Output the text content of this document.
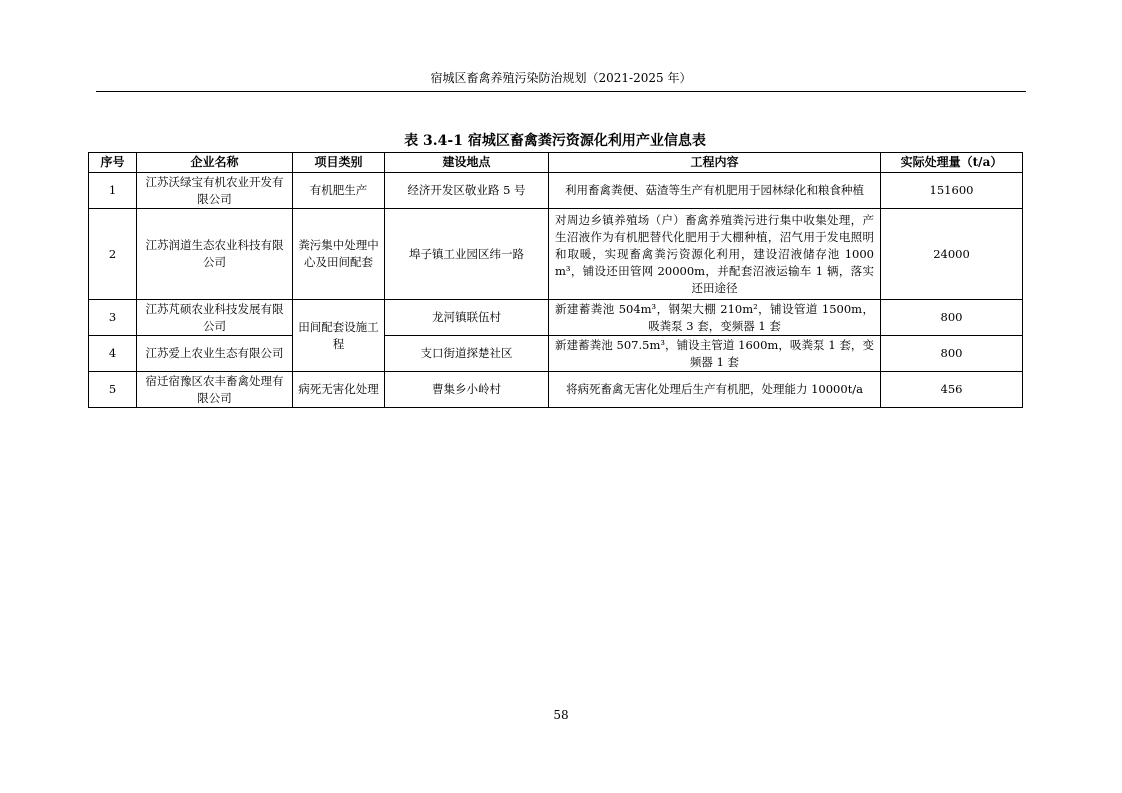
宿城区畜禽养殖污染防治规划（2021-2025 年）
表 3.4-1 宿城区畜禽粪污资源化利用产业信息表
序号	企业名称	项目类别	建设地点	工程内容	实际处理量（t/a）
1	江苏沃绿宝有机农业开发有限公司	有机肥生产	经济开发区敬业路 5 号	利用畜禽粪便、菇渣等生产有机肥用于园林绿化和粮食种植	151600
2	江苏润道生态农业科技有限公司	粪污集中处理中心及田间配套	埠子镇工业园区纬一路	对周边乡镇养殖场（户）畜禽养殖粪污进行集中收集处理，产生沼液作为有机肥替代化肥用于大棚种植，沼气用于发电照明和取暖，实现畜禽粪污资源化利用，建设沼液储存池 1000 m³，铺设还田管网 20000m，并配套沼液运输车 1 辆，落实还田途径	24000
3	江苏芃硕农业科技发展有限公司	田间配套设施工程	龙河镇联伍村	新建蓄粪池 504m³，钢架大棚 210m²，铺设管道 1500m，吸粪泵 3 套，变频器 1 套	800
4	江苏爱上农业生态有限公司		支口街道探楚社区	新建蓄粪池 507.5m³，铺设主管道 1600m，吸粪泵 1 套，变频器 1 套	800
5	宿迁宿豫区农丰畜禽处理有限公司	病死无害化处理	曹集乡小岭村	将病死畜禽无害化处理后生产有机肥，处理能力 10000t/a	456
58
